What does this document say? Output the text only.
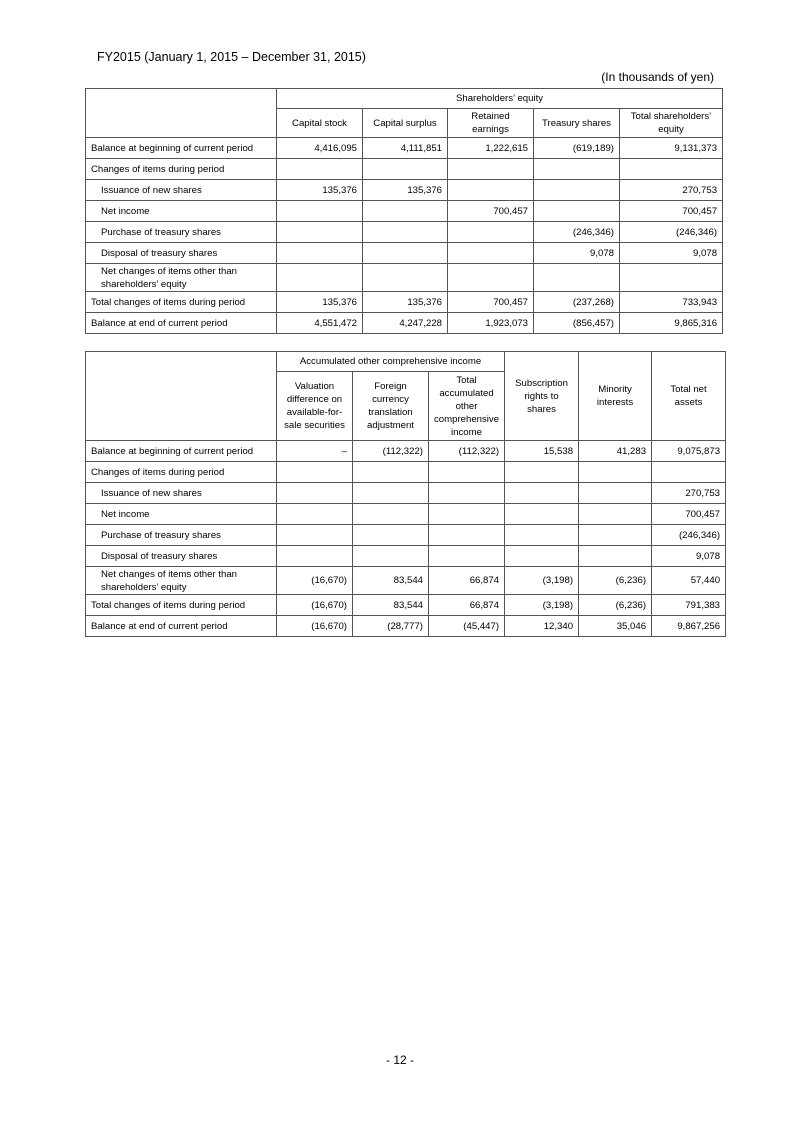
FY2015 (January 1, 2015 – December 31, 2015)
(In thousands of yen)
	Shareholders’ equity				
	Capital stock	Capital surplus	Retained earnings	Treasury shares	Total shareholders’ equity
Balance at beginning of current period	4,416,095	4,111,851	1,222,615	(619,189)	9,131,373
Changes of items during period					
Issuance of new shares	135,376	135,376			270,753
Net income			700,457		700,457
Purchase of treasury shares				(246,346)	(246,346)
Disposal of treasury shares				9,078	9,078
Net changes of items other than shareholders’ equity					
Total changes of items during period	135,376	135,376	700,457	(237,268)	733,943
Balance at end of current period	4,551,472	4,247,228	1,923,073	(856,457)	9,865,316
	Accumulated other comprehensive income			Subscription rights to shares	Minority interests	Total net assets
	Valuation difference on available-for-sale securities	Foreign currency translation adjustment	Total accumulated other comprehensive income			
Balance at beginning of current period	–	(112,322)	(112,322)	15,538	41,283	9,075,873
Changes of items during period						
Issuance of new shares						270,753
Net income						700,457
Purchase of treasury shares						(246,346)
Disposal of treasury shares						9,078
Net changes of items other than shareholders’ equity	(16,670)	83,544	66,874	(3,198)	(6,236)	57,440
Total changes of items during period	(16,670)	83,544	66,874	(3,198)	(6,236)	791,383
Balance at end of current period	(16,670)	(28,777)	(45,447)	12,340	35,046	9,867,256
- 12 -
